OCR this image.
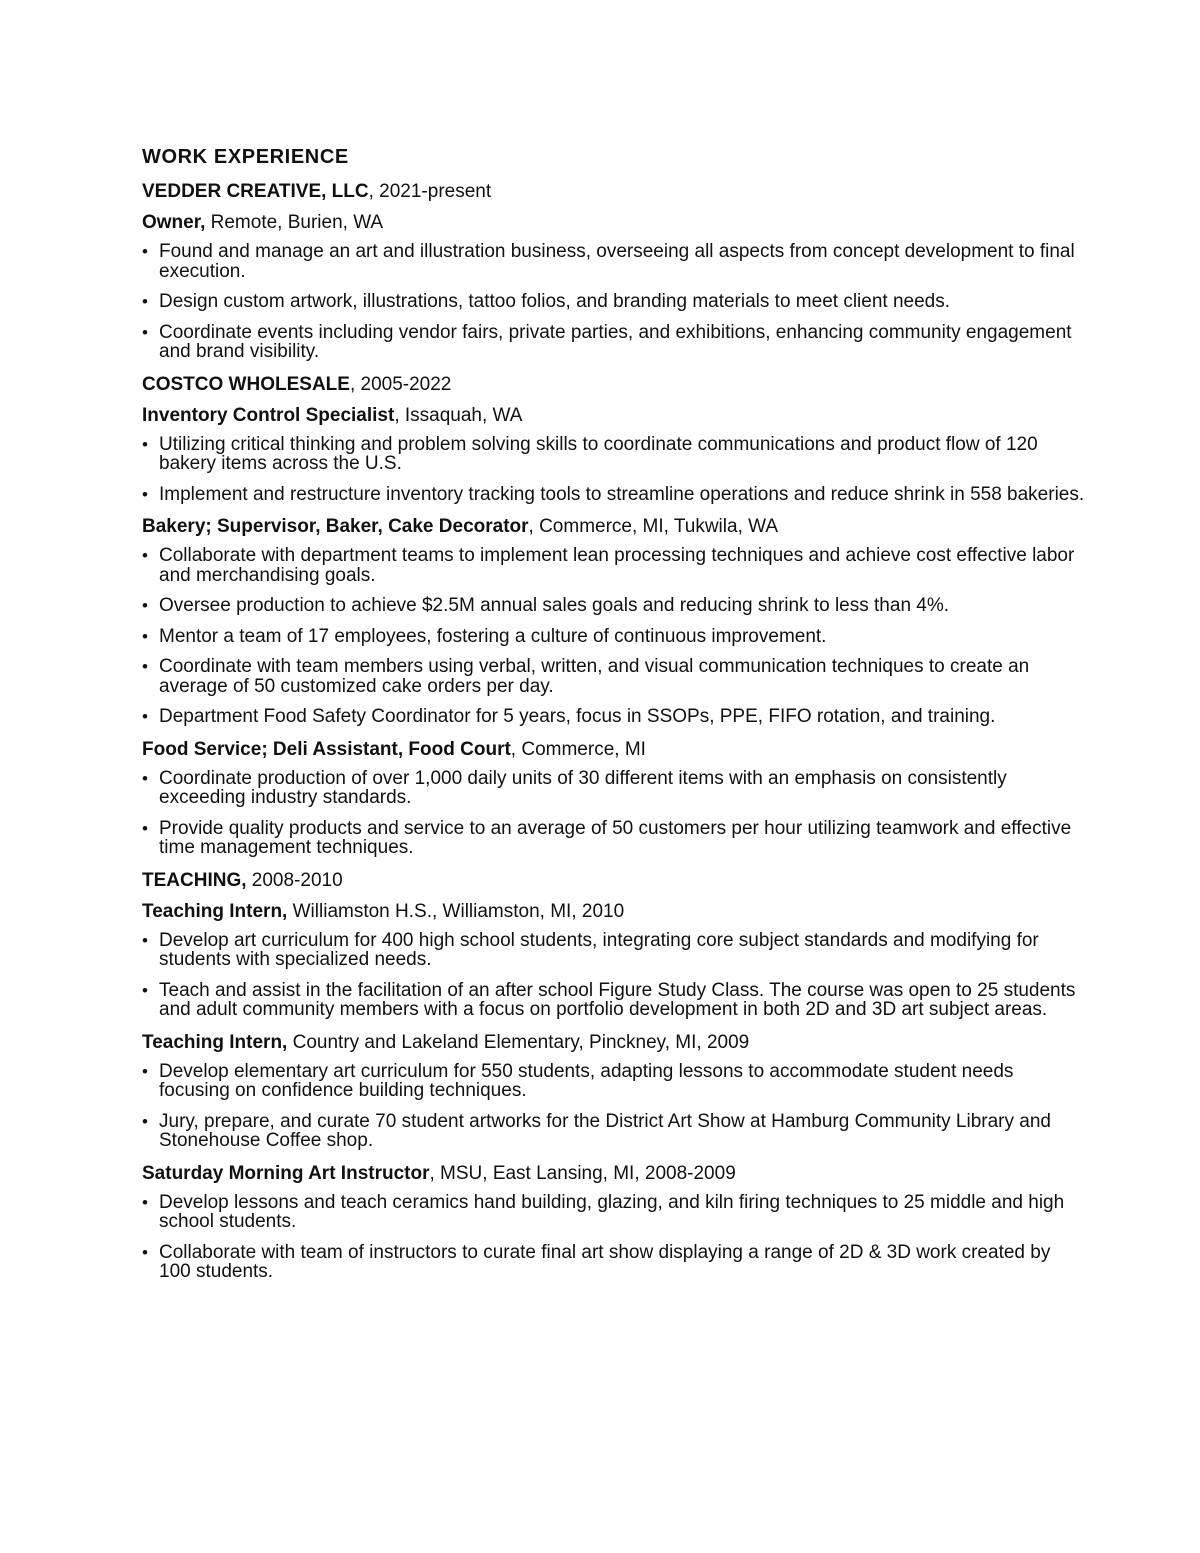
WORK EXPERIENCE
VEDDER CREATIVE, LLC, 2021-present
Owner, Remote, Burien, WA
• Found and manage an art and illustration business, overseeing all aspects from concept development to final execution.
• Design custom artwork, illustrations, tattoo folios, and branding materials to meet client needs.
• Coordinate events including vendor fairs, private parties, and exhibitions, enhancing community engagement and brand visibility.
COSTCO WHOLESALE, 2005-2022
Inventory Control Specialist, Issaquah, WA
• Utilizing critical thinking and problem solving skills to coordinate communications and product flow of 120 bakery items across the U.S.
• Implement and restructure inventory tracking tools to streamline operations and reduce shrink in 558 bakeries.
Bakery; Supervisor, Baker, Cake Decorator, Commerce, MI, Tukwila, WA
• Collaborate with department teams to implement lean processing techniques and achieve cost effective labor and merchandising goals.
• Oversee production to achieve $2.5M annual sales goals and reducing shrink to less than 4%.
• Mentor a team of 17 employees, fostering a culture of continuous improvement.
• Coordinate with team members using verbal, written, and visual communication techniques to create an average of 50 customized cake orders per day.
• Department Food Safety Coordinator for 5 years, focus in SSOPs, PPE, FIFO rotation, and training.
Food Service; Deli Assistant, Food Court, Commerce, MI
• Coordinate production of over 1,000 daily units of 30 different items with an emphasis on consistently exceeding industry standards.
• Provide quality products and service to an average of 50 customers per hour utilizing teamwork and effective time management techniques.
TEACHING, 2008-2010
Teaching Intern, Williamston H.S., Williamston, MI, 2010
• Develop art curriculum for 400 high school students, integrating core subject standards and modifying for students with specialized needs.
• Teach and assist in the facilitation of an after school Figure Study Class. The course was open to 25 students and adult community members with a focus on portfolio development in both 2D and 3D art subject areas.
Teaching Intern, Country and Lakeland Elementary, Pinckney, MI, 2009
• Develop elementary art curriculum for 550 students, adapting lessons to accommodate student needs focusing on confidence building techniques.
• Jury, prepare, and curate 70 student artworks for the District Art Show at Hamburg Community Library and Stonehouse Coffee shop.
Saturday Morning Art Instructor, MSU, East Lansing, MI, 2008-2009
• Develop lessons and teach ceramics hand building, glazing, and kiln firing techniques to 25 middle and high school students.
• Collaborate with team of instructors to curate final art show displaying a range of 2D & 3D work created by 100 students.
